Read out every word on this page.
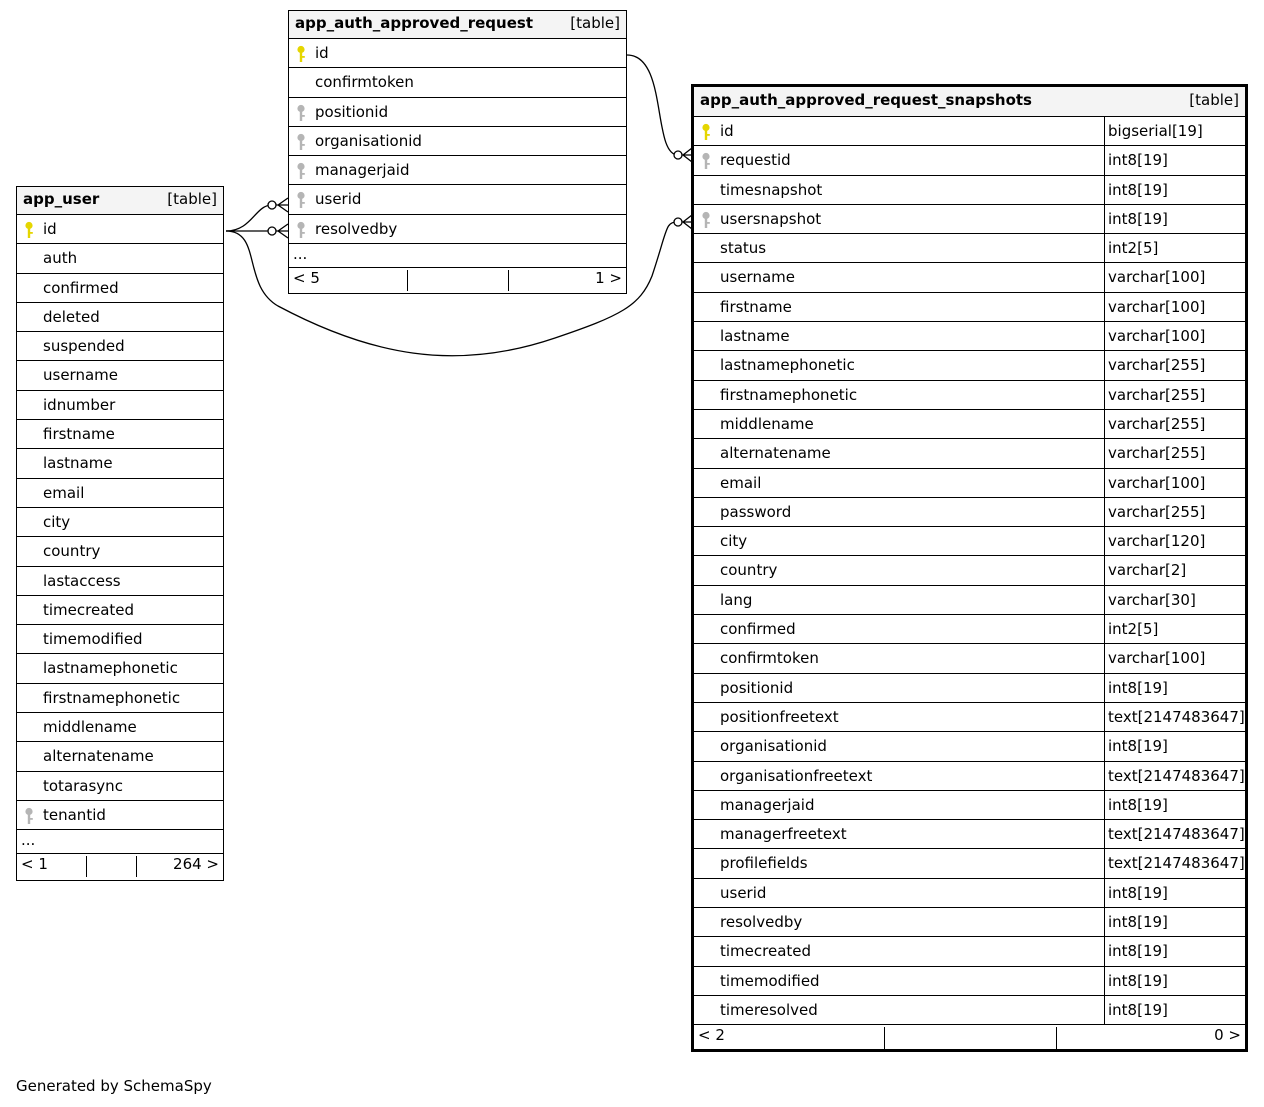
app_auth_approved_request [table]
id
confirmtoken
positionid
organisationid
managerjaid
userid
resolvedby
...
< 5	1 >
app_user	[table]
id
auth
confirmed
deleted
suspended
username
idnumber
firstname
lastname
email
city
country
lastaccess
timecreated
timemodified
lastnamephonetic
firstnamephonetic
middlename
alternatename
totarasync
tenantid
...
< 1	264 >
app_auth_approved_request_snapshots	[table]
id	bigserial[19]
requestid	int8[19]
timesnapshot	int8[19]
usersnapshot	int8[19]
status	int2[5]
username	varchar[100]
firstname	varchar[100]
lastname	varchar[100]
lastnamephonetic	varchar[255]
firstnamephonetic	varchar[255]
middlename	varchar[255]
alternatename	varchar[255]
email	varchar[100]
password	varchar[255]
city	varchar[120]
country	varchar[2]
lang	varchar[30]
confirmed	int2[5]
confirmtoken	varchar[100]
positionid	int8[19]
positionfreetext	text[2147483647]
organisationid	int8[19]
organisationfreetext	text[2147483647]
managerjaid	int8[19]
managerfreetext	text[2147483647]
profilefields	text[2147483647]
userid	int8[19]
resolvedby	int8[19]
timecreated	int8[19]
timemodified	int8[19]
timeresolved	int8[19]
< 2	0 >
Generated by SchemaSpy
